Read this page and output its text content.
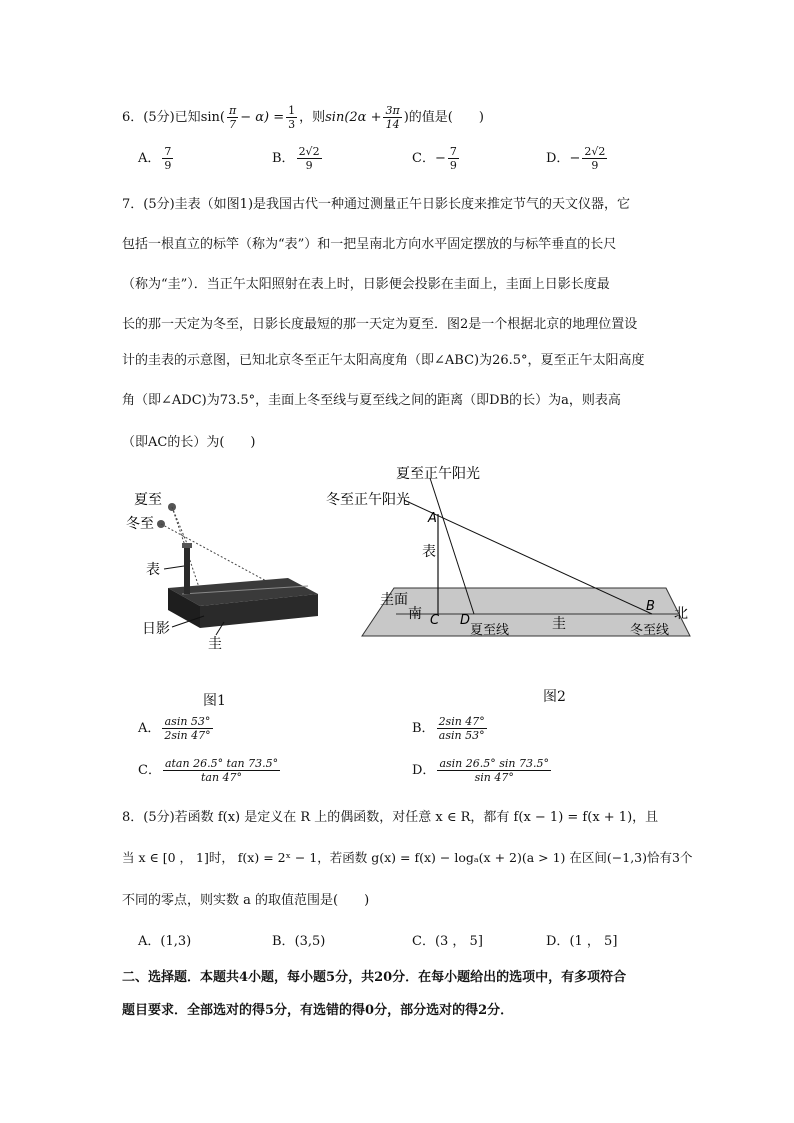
6．(5分)已知$\sin( \frac{\pi}{7} - \alpha) = \frac{1}{3}$ ，则$\sin(2\alpha + \frac{3\pi}{14}$ )的值是(　　)
A． $\frac{7}{9}$	B． $\frac{2√2}{9}$	C．− $\frac{7}{9}$	D．− $\frac{2√2}{9}$
7．(5分)圭表（如图1)是我国古代一种通过测量正午日影长度来推定节气的天文仪器，它
包括一根直立的标竿（称为“表”）和一把呈南北方向水平固定摆放的与标竿垂直的长尺
（称为“圭”）．当正午太阳照射在表上时，日影便会投影在圭面上，圭面上日影长度最
长的那一天定为冬至，日影长度最短的那一天定为夏至．图2是一个根据北京的地理位置设
计的圭表的示意图，已知北京冬至正午太阳高度角（即∠ABC)为26.5°，夏至正午太阳高度
角（即∠ADC)为73.5°，圭面上冬至线与夏至线之间的距离（即DB的长）为a，则表高
（即AC的长）为(　　)
夏至
冬至
表
日影
圭
图1
夏至正午阳光
冬至正午阳光
A
表
圭面
南 C D
夏至线	圭
B 北
冬至线
图2
A． $\frac{asin 53^\circ}{2\sin 47^\circ}$	B． $\frac{2\sin 47^\circ}{asin 53^\circ}$
C． $\frac{atan 26.5^\circ \tan 73.5^\circ}{\tan 47^\circ}$	D． $\frac{asin 26.5^\circ \sin 73.5^\circ}{\sin 47^\circ}$
8．(5分)若函数 f(x) 是定义在 R 上的偶函数，对任意 x ∈ R，都有 f(x − 1) = f(x + 1)，且
当 x ∈ [0 ， 1]时， f(x) = 2ˣ − 1，若函数 g(x) = f(x) − logₐ(x + 2)(a > 1) 在区间(−1,3)恰有3个
不同的零点，则实数 a 的取值范围是(　　)
A．(1,3)	B．(3,5)	C．(3 ， 5]	D．(1 ， 5]
二、选择题．本题共4小题，每小题5分，共20分．在每小题给出的选项中，有多项符合
题目要求．全部选对的得5分，有选错的得0分，部分选对的得2分．
